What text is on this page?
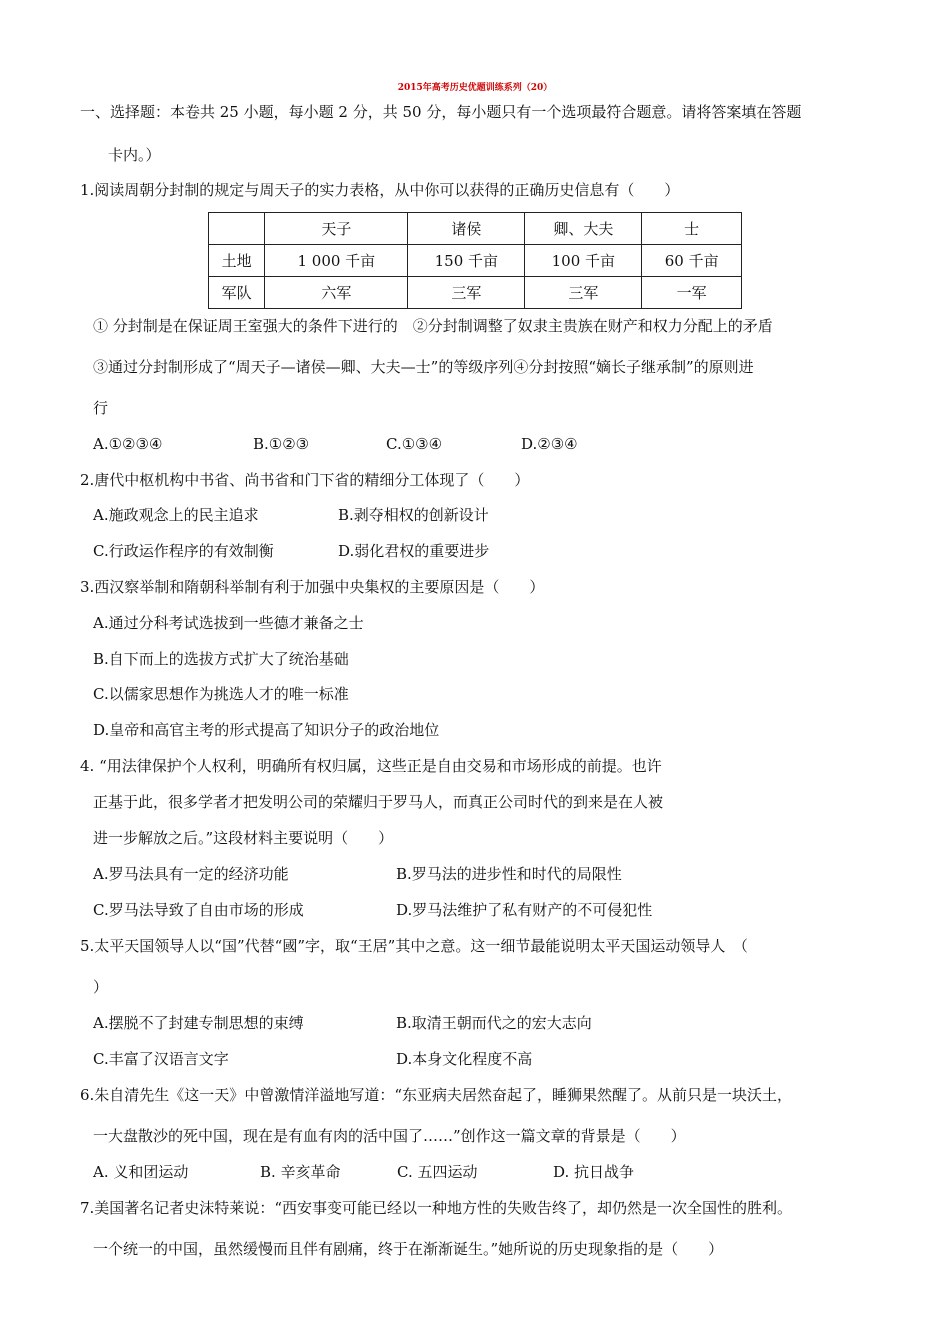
2015年高考历史优题训练系列（20）
一、选择题：本卷共 25 小题，每小题 2 分，共 50 分，每小题只有一个选项最符合题意。请将答案填在答题
卡内。）
1.阅读周朝分封制的规定与周天子的实力表格，从中你可以获得的正确历史信息有（　　）
	天子	诸侯	卿、大夫	士
土地	1 000 千亩	150 千亩	100 千亩	60 千亩
军队	六军	三军	三军	一军
① 分封制是在保证周王室强大的条件下进行的　②分封制调整了奴隶主贵族在财产和权力分配上的矛盾
③通过分封制形成了“周天子—诸侯—卿、大夫—士”的等级序列④分封按照“嫡长子继承制”的原则进
行
A.①②③④	B.①②③	C.①③④	D.②③④
2.唐代中枢机构中书省、尚书省和门下省的精细分工体现了（　　）
A.施政观念上的民主追求	B.剥夺相权的创新设计
C.行政运作程序的有效制衡	D.弱化君权的重要进步
3.西汉察举制和隋朝科举制有利于加强中央集权的主要原因是（　　）
A.通过分科考试选拔到一些德才兼备之士
B.自下而上的选拔方式扩大了统治基础
C.以儒家思想作为挑选人才的唯一标准
D.皇帝和高官主考的形式提高了知识分子的政治地位
4. “用法律保护个人权利，明确所有权归属，这些正是自由交易和市场形成的前提。也许
正基于此，很多学者才把发明公司的荣耀归于罗马人，而真正公司时代的到来是在人被
进一步解放之后。”这段材料主要说明（　　）
A.罗马法具有一定的经济功能	B.罗马法的进步性和时代的局限性
C.罗马法导致了自由市场的形成	D.罗马法维护了私有财产的不可侵犯性
5.太平天国领导人以“国”代替“國”字，取“王居”其中之意。这一细节最能说明太平天国运动领导人　（
）
A.摆脱不了封建专制思想的束缚	B.取清王朝而代之的宏大志向
C.丰富了汉语言文字	D.本身文化程度不高
6.朱自清先生《这一天》中曾激情洋溢地写道：“东亚病夫居然奋起了，睡狮果然醒了。从前只是一块沃土，
一大盘散沙的死中国，现在是有血有肉的活中国了……”创作这一篇文章的背景是（　　）
A. 义和团运动	B. 辛亥革命	C. 五四运动	D. 抗日战争
7.美国著名记者史沫特莱说：“西安事变可能已经以一种地方性的失败告终了，却仍然是一次全国性的胜利。
一个统一的中国，虽然缓慢而且伴有剧痛，终于在渐渐诞生。”她所说的历史现象指的是（　　）
